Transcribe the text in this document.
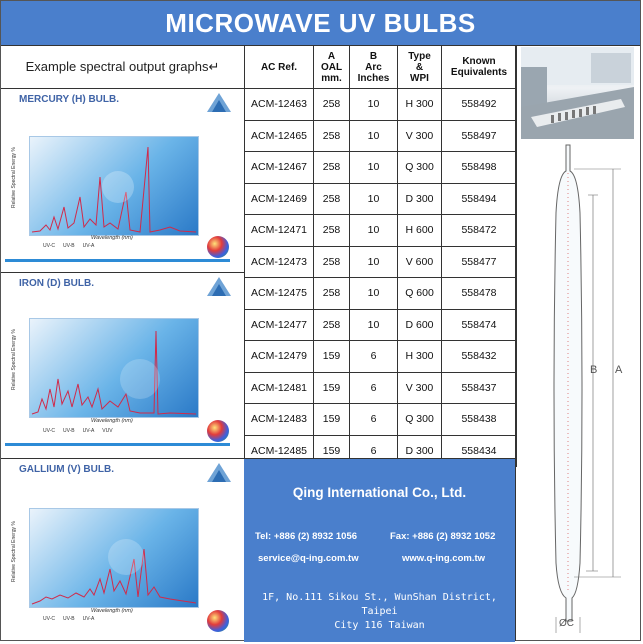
MICROWAVE UV BULBS
Example spectral output graphs↵	AC Ref.	A
OAL
mm.	B
Arc
Inches	Type
&
WPI	Known
Equivalents
ACM-12463	258	10	H 300	558492
ACM-12465	258	10	V 300	558497
ACM-12467	258	10	Q 300	558498
ACM-12469	258	10	D 300	558494
ACM-12471	258	10	H 600	558472
ACM-12473	258	10	V 600	558477
ACM-12475	258	10	Q 600	558478
ACM-12477	258	10	D 600	558474
ACM-12479	159	6	H 300	558432
ACM-12481	159	6	V 300	558437
ACM-12483	159	6	Q 300	558438
ACM-12485	159	6	D 300	558434
MERCURY (H) BULB.
Relative Spectral Energy %
Wavelength (nm)
UV-C UV-B UV-A
IRON (D) BULB.
Relative Spectral Energy %
Wavelength (nm)
UV-C UV-B UV-A VUV
GALLIUM (V) BULB.
Relative Spectral Energy %
Wavelength (nm)
UV-C UV-B UV-A
Qing International Co., Ltd.
Tel: +886 (2) 8932 1056	Fax: +886 (2) 8932 1052
service@q-ing.com.tw	www.q-ing.com.tw
1F, No.111 Sikou St., WunShan District, Taipei
City 116 Taiwan
B A
ØC
